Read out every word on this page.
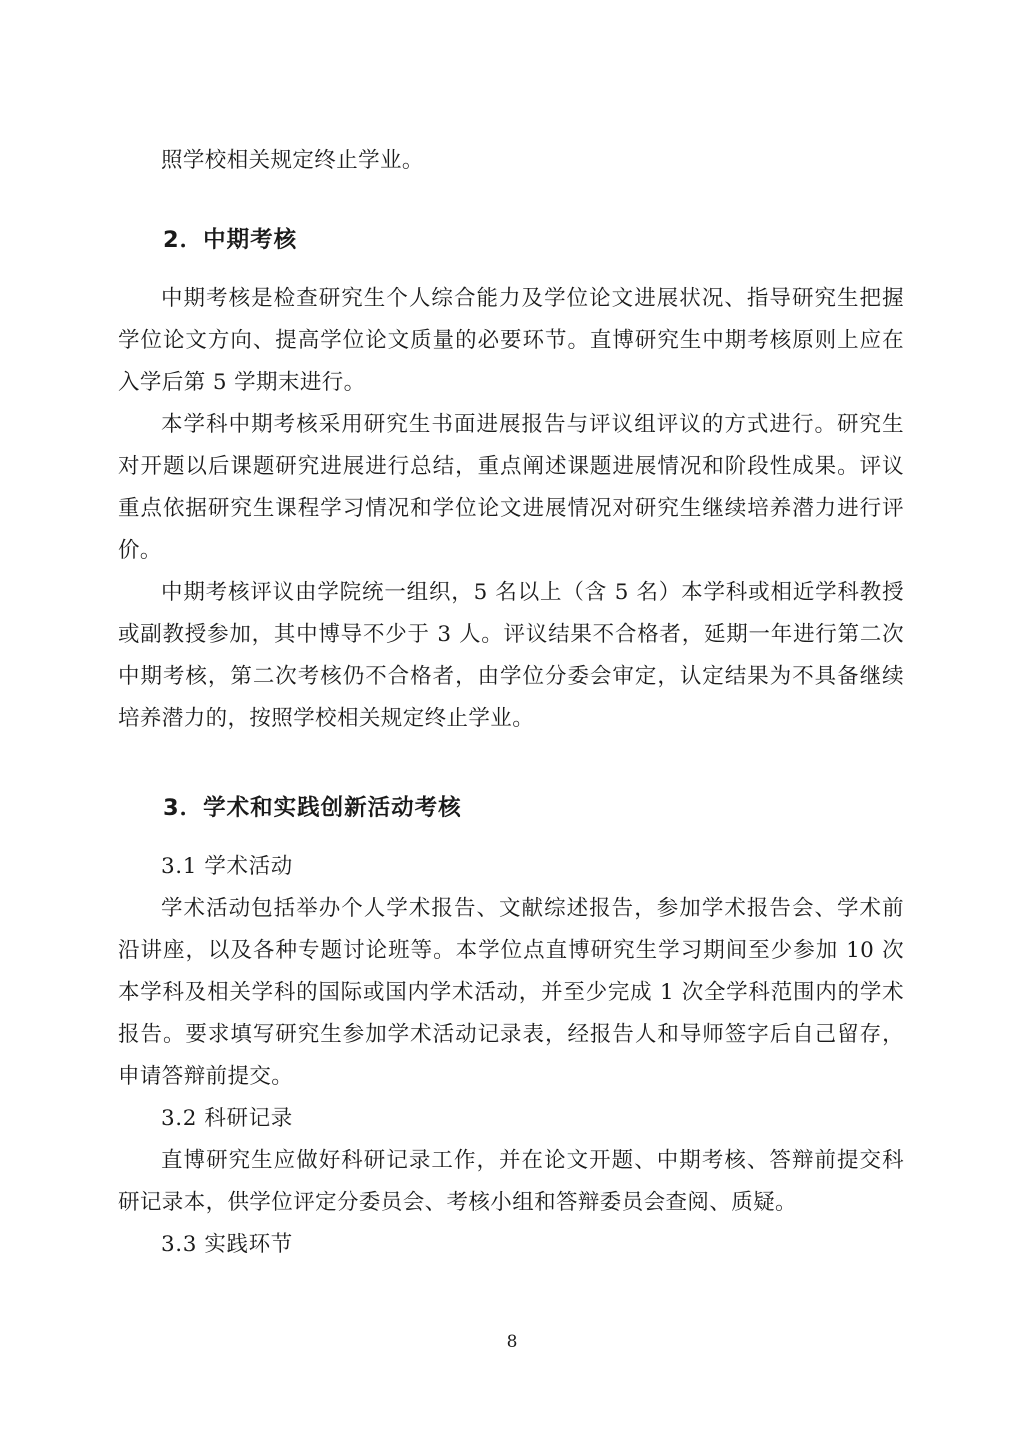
照学校相关规定终止学业。

2．中期考核

中期考核是检查研究生个人综合能力及学位论文进展状况、指导研究生把握学位论文方向、提高学位论文质量的必要环节。直博研究生中期考核原则上应在入学后第 5 学期末进行。

本学科中期考核采用研究生书面进展报告与评议组评议的方式进行。研究生对开题以后课题研究进展进行总结，重点阐述课题进展情况和阶段性成果。评议重点依据研究生课程学习情况和学位论文进展情况对研究生继续培养潜力进行评价。

中期考核评议由学院统一组织，5 名以上（含 5 名）本学科或相近学科教授或副教授参加，其中博导不少于 3 人。评议结果不合格者，延期一年进行第二次中期考核，第二次考核仍不合格者，由学位分委会审定，认定结果为不具备继续培养潜力的，按照学校相关规定终止学业。

3．学术和实践创新活动考核

3.1 学术活动

学术活动包括举办个人学术报告、文献综述报告，参加学术报告会、学术前沿讲座，以及各种专题讨论班等。本学位点直博研究生学习期间至少参加 10 次本学科及相关学科的国际或国内学术活动，并至少完成 1 次全学科范围内的学术报告。要求填写研究生参加学术活动记录表，经报告人和导师签字后自己留存，申请答辩前提交。

3.2 科研记录

直博研究生应做好科研记录工作，并在论文开题、中期考核、答辩前提交科研记录本，供学位评定分委员会、考核小组和答辩委员会查阅、质疑。

3.3 实践环节

8
